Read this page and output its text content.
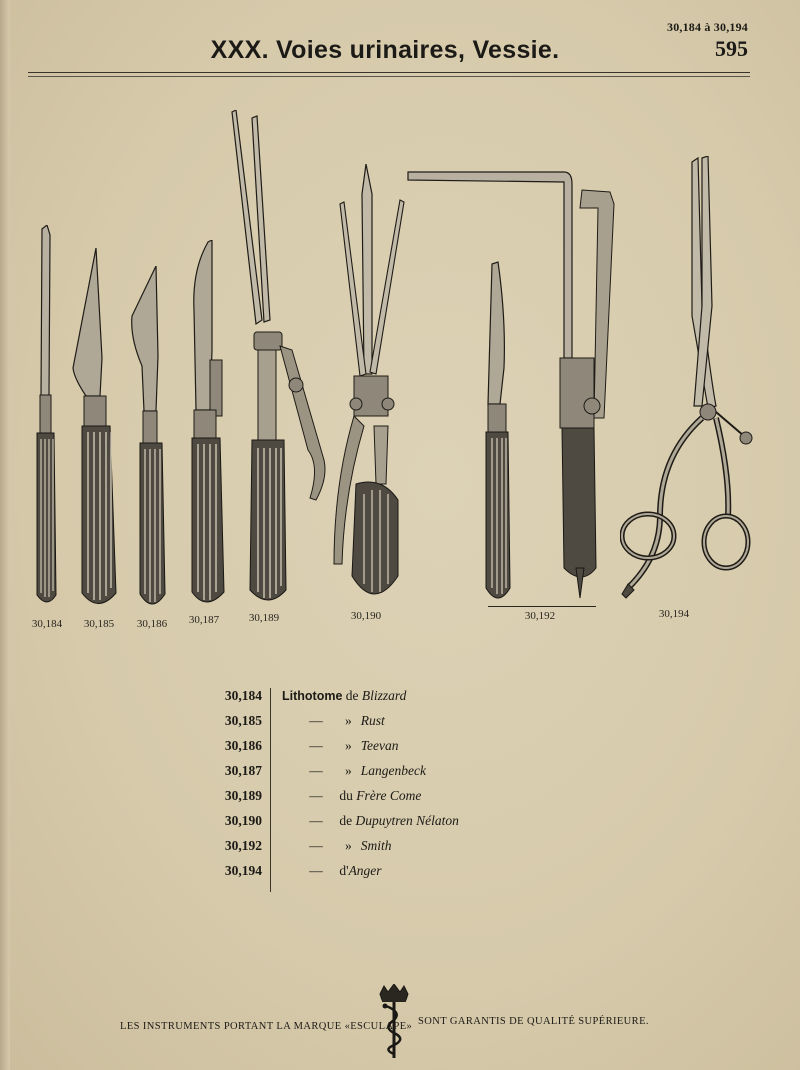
30,184 à 30,194
595
XXX. Voies urinaires, Vessie.
30,184	30,185	30,186	30,187	30,189	30,190	30,192	30,194
30,184 Lithotome de Blizzard
30,185	— » Rust
30,186	— » Teevan
30,187	— » Langenbeck
30,189	— du Frère Come
30,190	— de Dupuytren Nélaton
30,192	— » Smith
30,194	— d'Anger
LES INSTRUMENTS PORTANT LA MARQUE «ESCULAPE» SONT GARANTIS DE QUALITÉ SUPÉRIEURE.
